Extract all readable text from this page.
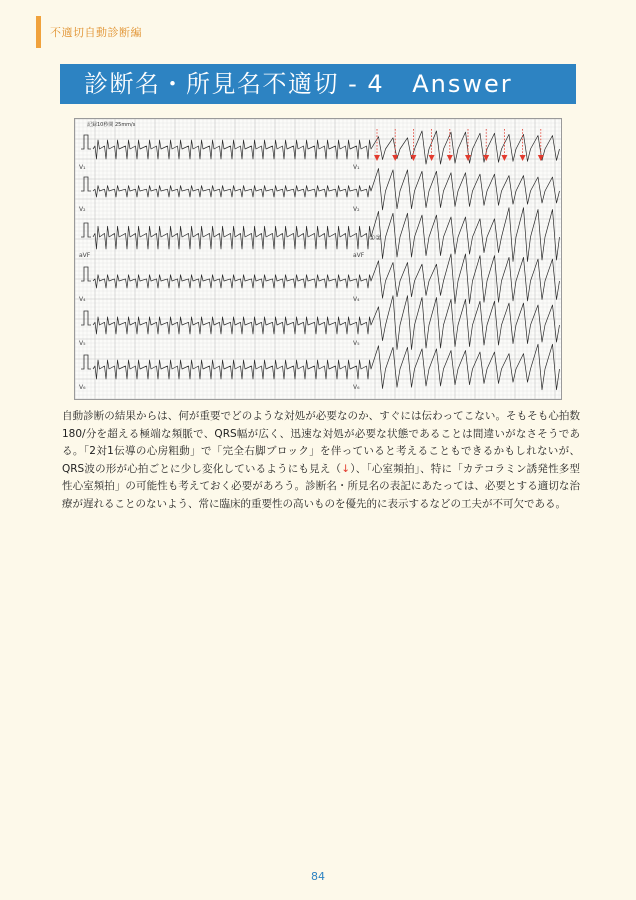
不適切自動診断編
診断名・所見名不適切 - 4 Answer
V₁	V₁
V₂	V₂
aVF	aVF
V₄	V₄
V₅	V₅
V₆	V₆
①②
記録10秒間 25mm/s

自動診断の結果からは、何が重要でどのような対処が必要なのか、すぐには伝わってこない。そもそも心拍数180/分を超える極端な頻脈で、QRS幅が広く、迅速な対処が必要な状態であることは間違いがなさそうである。「2対1伝導の心房粗動」で「完全右脚ブロック」を伴っていると考えることもできるかもしれないが、QRS波の形が心拍ごとに少し変化しているようにも見え（↓）、「心室頻拍」、特に「カテコラミン誘発性多型性心室頻拍」の可能性も考えておく必要があろう。診断名・所見名の表記にあたっては、必要とする適切な治療が遅れることのないよう、常に臨床的重要性の高いものを優先的に表示するなどの工夫が不可欠である。

84
